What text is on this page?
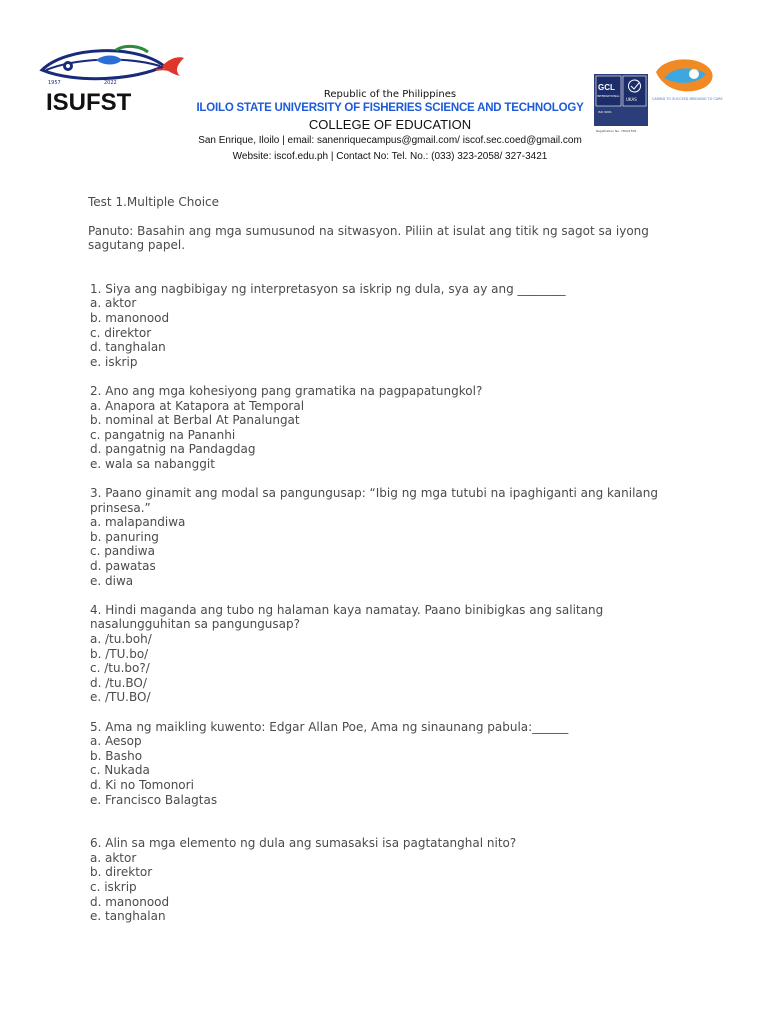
1957	2022
ISUFST	Republic of the Philippines
ILOILO STATE UNIVERSITY OF FISHERIES SCIENCE AND TECHNOLOGY
COLLEGE OF EDUCATION
San Enrique, Iloilo | email: sanenriquecampus@gmail.com/ iscof.sec.coed@gmail.com
Website: iscof.edu.ph | Contact No: Tel. No.: (033) 323-2058/ 327-3421
GCL
INTERNATIONAL
UKAS
ISO 9001
Registration No. 7R021505
CARING TO SUCCEED BRIDGING TO CARE

Test 1.Multiple Choice

Panuto: Basahin ang mga sumusunod na sitwasyon. Piliin at isulat ang titik ng sagot sa iyong sagutang papel.

1. Siya ang nagbibigay ng interpretasyon sa iskrip ng dula, sya ay ang ________

a. aktor

b. manonood

c. direktor

d. tanghalan

e. iskrip

2. Ano ang mga kohesiyong pang gramatika na pagpapatungkol?

a. Anapora at Katapora at Temporal

b. nominal at Berbal At Panalungat

c. pangatnig na Pananhi

d. pangatnig na Pandagdag

e. wala sa nabanggit

3. Paano ginamit ang modal sa pangungusap: “Ibig ng mga tutubi na ipaghiganti ang kanilang prinsesa.”

a. malapandiwa

b. panuring

c. pandiwa

d. pawatas

e. diwa

4. Hindi maganda ang tubo ng halaman kaya namatay. Paano binibigkas ang salitang nasalungguhitan sa pangungusap?

a. /tu.boh/

b. /TU.bo/

c. /tu.bo?/

d. /tu.BO/

e. /TU.BO/

5. Ama ng maikling kuwento: Edgar Allan Poe, Ama ng sinaunang pabula:______

a. Aesop

b. Basho

c. Nukada

d. Ki no Tomonori

e. Francisco Balagtas

6. Alin sa mga elemento ng dula ang sumasaksi isa pagtatanghal nito?

a. aktor

b. direktor

c. iskrip

d. manonood

e. tanghalan
